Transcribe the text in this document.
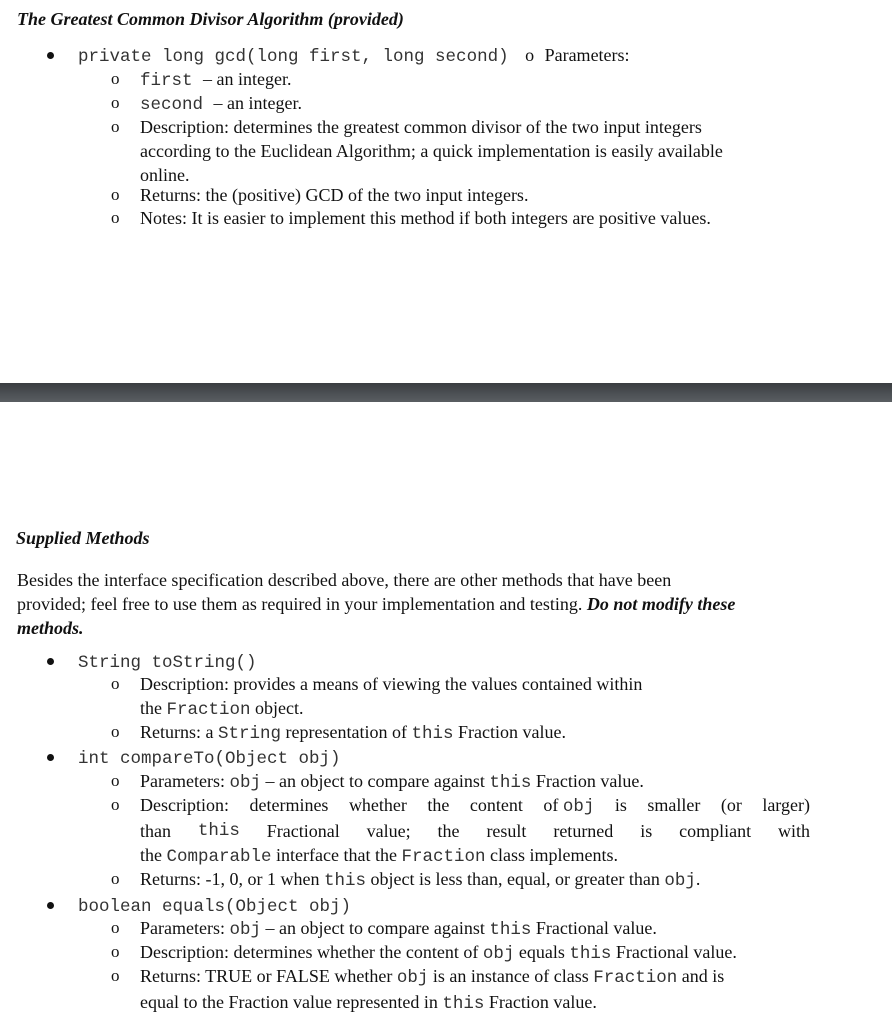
The Greatest Common Divisor Algorithm (provided)
private long gcd(long first, long second) o Parameters:
o first – an integer.
o second – an integer.
o Description: determines the greatest common divisor of the two input integers
according to the Euclidean Algorithm; a quick implementation is easily available
online.
o Returns: the (positive) GCD of the two input integers.
o Notes: It is easier to implement this method if both integers are positive values.
Supplied Methods
Besides the interface specification described above, there are other methods that have been
provided; feel free to use them as required in your implementation and testing. Do not modify these
methods.
String toString()
o Description: provides a means of viewing the values contained within
the Fraction object.
o Returns: a String representation of this Fraction value.
int compareTo(Object obj)
o Parameters: obj – an object to compare against this Fraction value.
o Description: determines whether the content of obj is smaller (or larger)
than this Fractional value; the result returned is compliant with
the Comparable interface that the Fraction class implements.
o Returns: -1, 0, or 1 when this object is less than, equal, or greater than obj.
boolean equals(Object obj)
o Parameters: obj – an object to compare against this Fractional value.
o Description: determines whether the content of obj equals this Fractional value.
o Returns: TRUE or FALSE whether obj is an instance of class Fraction and is
equal to the Fraction value represented in this Fraction value.
